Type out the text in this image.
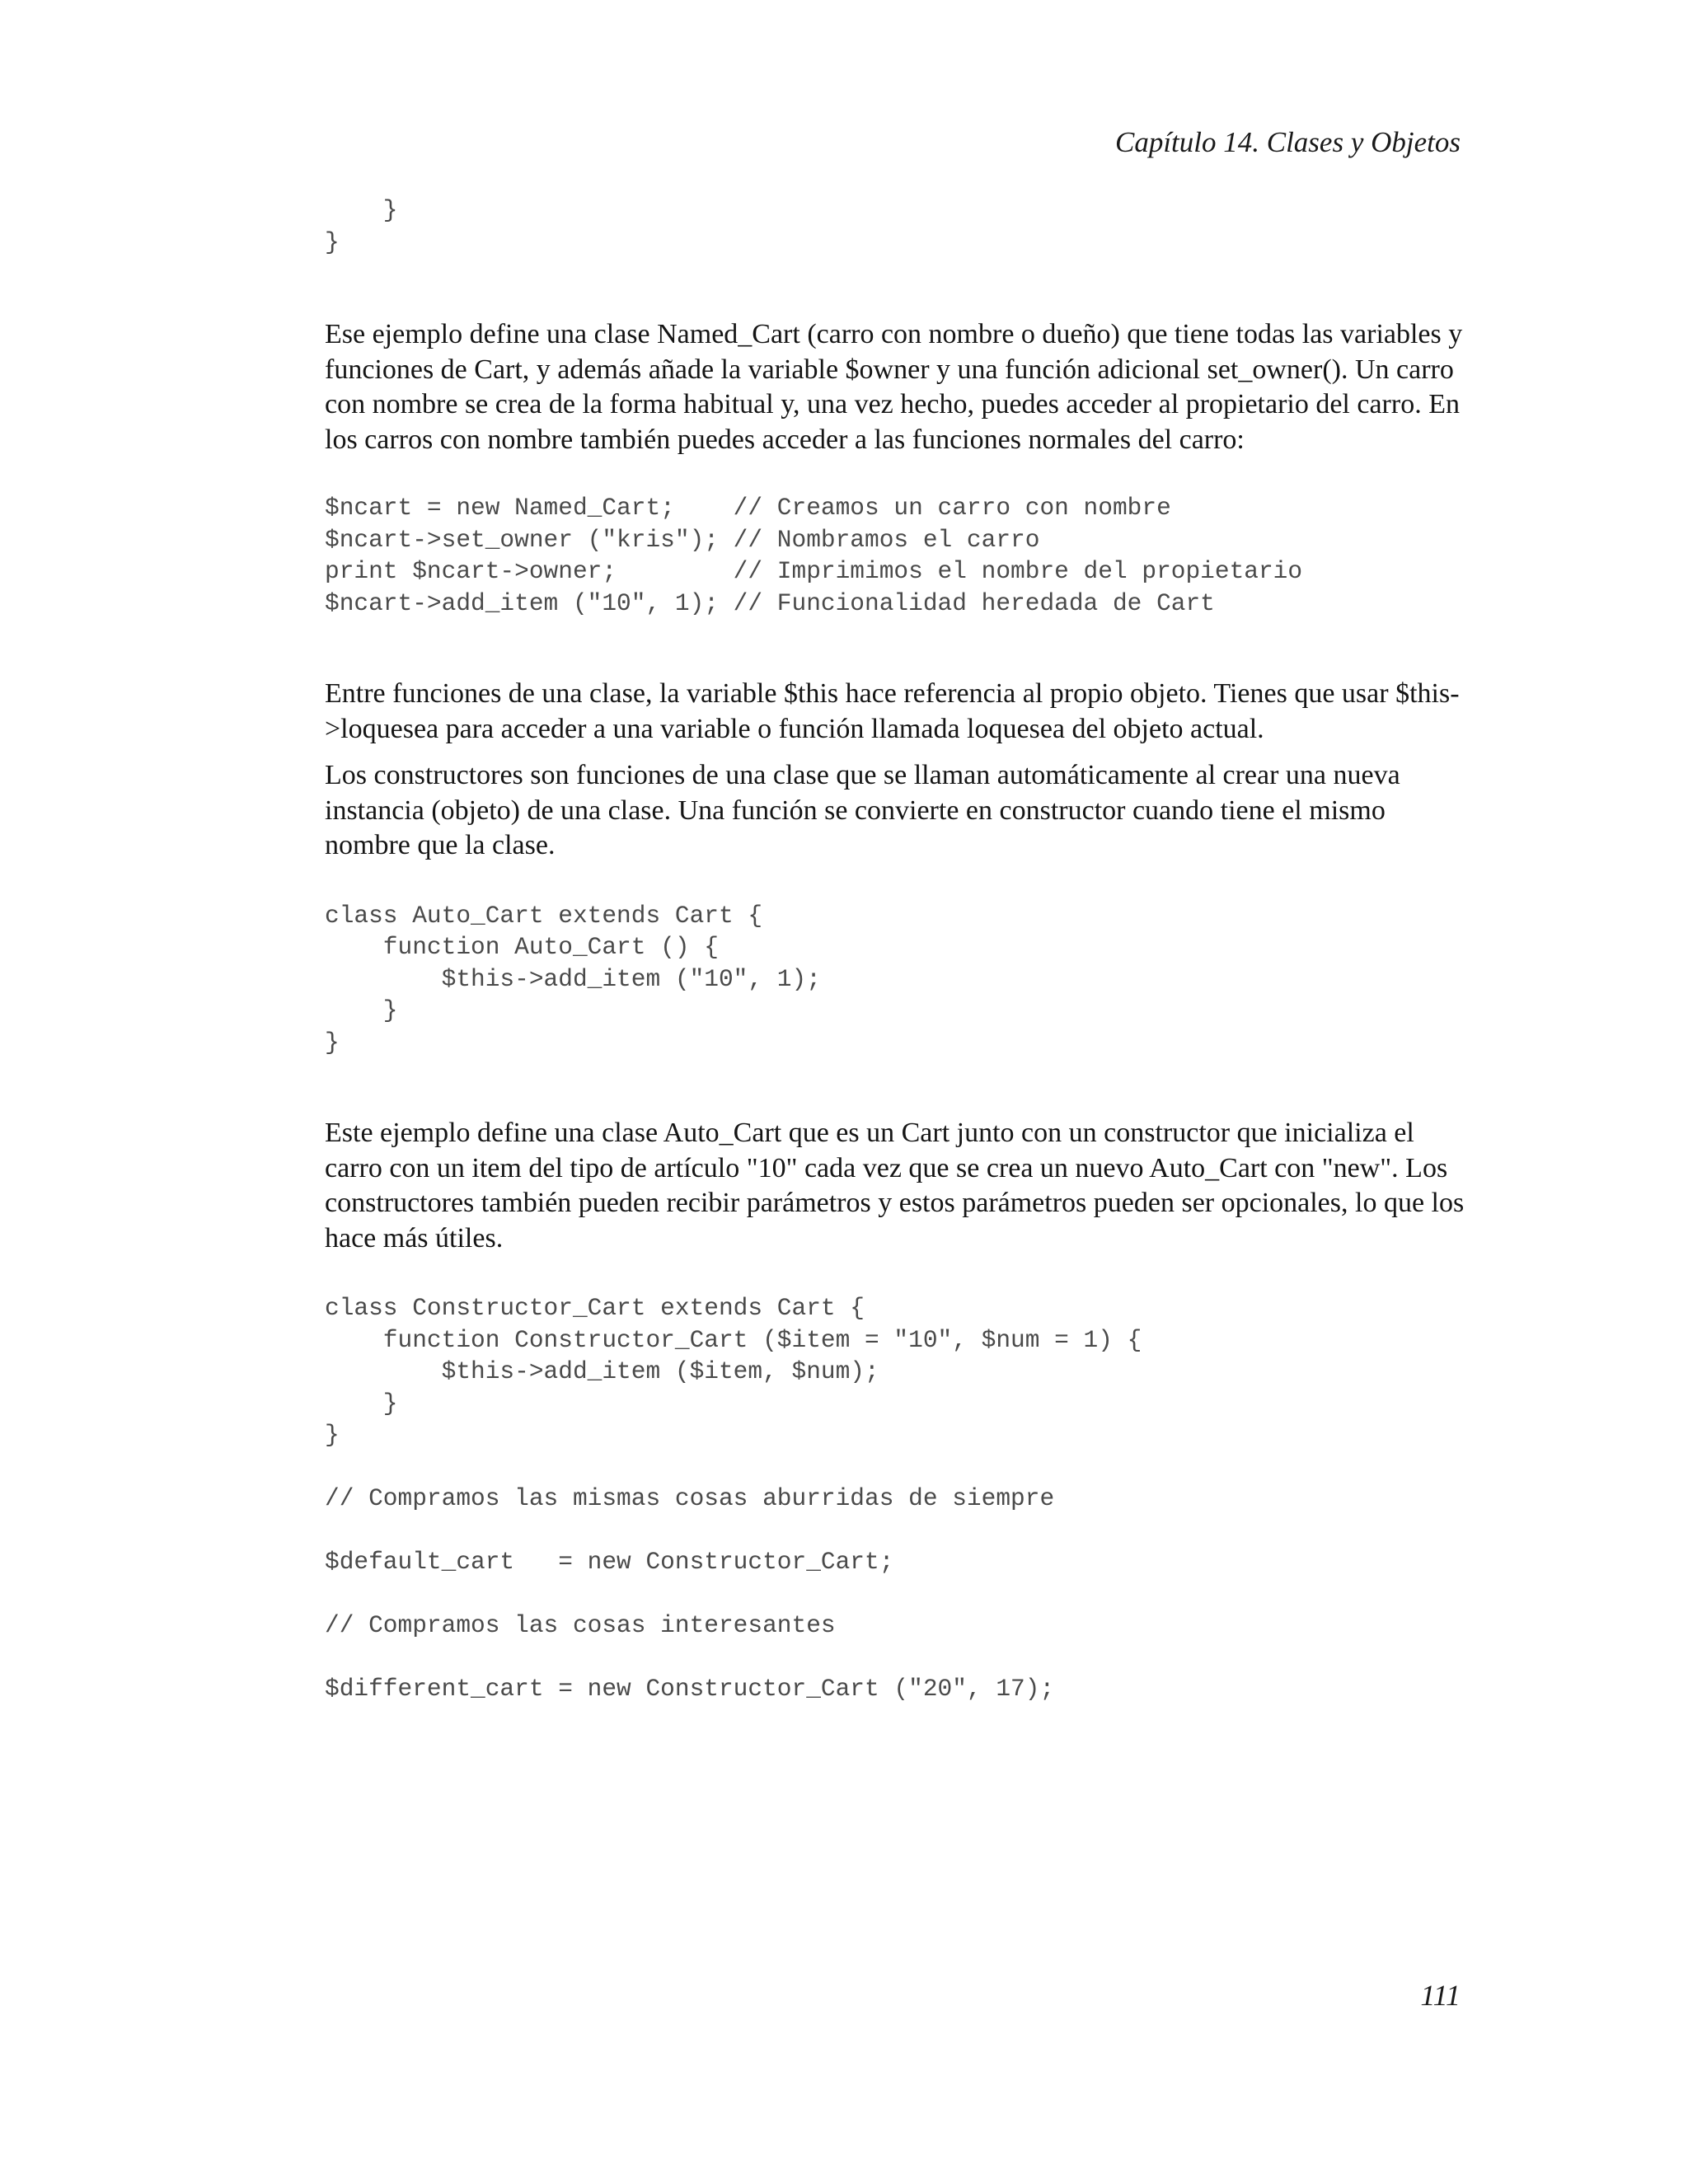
Capítulo 14. Clases y Objetos
}
}

Ese ejemplo define una clase Named_Cart (carro con nombre o dueño) que tiene todas las variables y funciones de Cart, y además añade la variable $owner y una función adicional set_owner(). Un carro con nombre se crea de la forma habitual y, una vez hecho, puedes acceder al propietario del carro. En los carros con nombre también puedes acceder a las funciones normales del carro:

$ncart = new Named_Cart;    // Creamos un carro con nombre
$ncart->set_owner ("kris"); // Nombramos el carro
print $ncart->owner;        // Imprimimos el nombre del propietario
$ncart->add_item ("10", 1); // Funcionalidad heredada de Cart

Entre funciones de una clase, la variable $this hace referencia al propio objeto. Tienes que usar $this->loquesea para acceder a una variable o función llamada loquesea del objeto actual.

Los constructores son funciones de una clase que se llaman automáticamente al crear una nueva instancia (objeto) de una clase. Una función se convierte en constructor cuando tiene el mismo nombre que la clase.

class Auto_Cart extends Cart {
function Auto_Cart () {
$this->add_item ("10", 1);
}
}

Este ejemplo define una clase Auto_Cart que es un Cart junto con un constructor que inicializa el carro con un item del tipo de artículo "10" cada vez que se crea un nuevo Auto_Cart con "new". Los constructores también pueden recibir parámetros y estos parámetros pueden ser opcionales, lo que los hace más útiles.

class Constructor_Cart extends Cart {
function Constructor_Cart ($item = "10", $num = 1) {
$this->add_item ($item, $num);
}
}
// Compramos las mismas cosas aburridas de siempre
$default_cart   = new Constructor_Cart;
// Compramos las cosas interesantes
$different_cart = new Constructor_Cart ("20", 17);
111
